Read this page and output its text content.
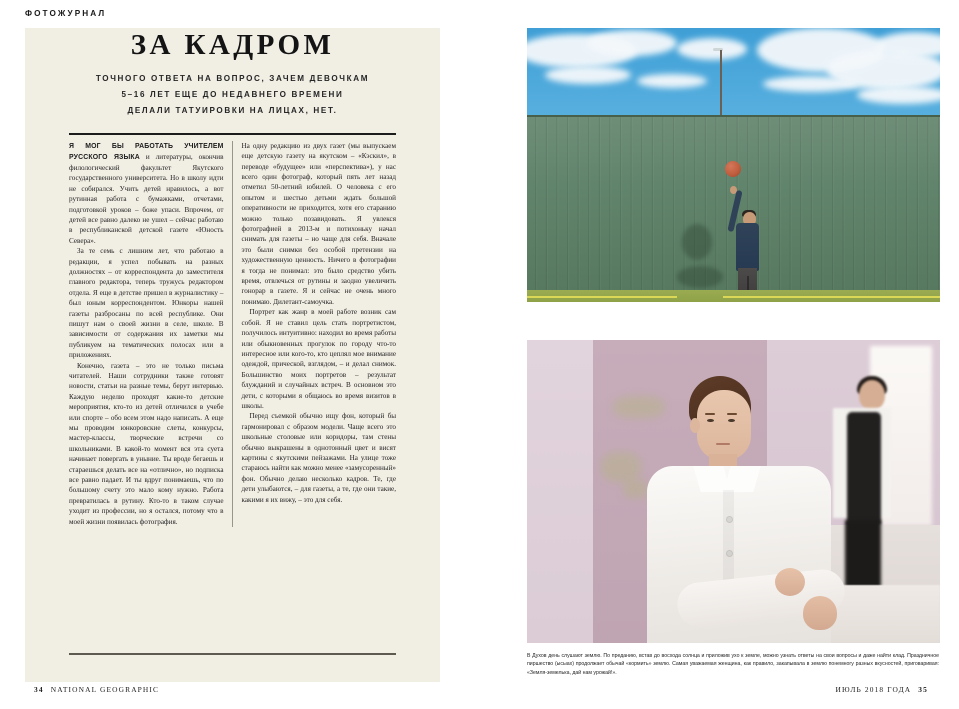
ФОТОЖУРНАЛ
ЗА КАДРОМ
ТОЧНОГО ОТВЕТА НА ВОПРОС, ЗАЧЕМ ДЕВОЧКАМ
5–16 ЛЕТ ЕЩЕ ДО НЕДАВНЕГО ВРЕМЕНИ
ДЕЛАЛИ ТАТУИРОВКИ НА ЛИЦАХ, НЕТ.

Я МОГ БЫ РАБОТАТЬ УЧИТЕЛЕМ РУССКОГО ЯЗЫКА и литературы, окончив филологический факультет Якутского государственного университета. Но в школу идти не собирался. Учить детей нравилось, а вот рутинная работа с бумажками, отчетами, подготовкой уроков – боже упаси. Впрочем, от детей все равно далеко не ушел – сейчас работаю в республиканской детской газете «Юность Севера».

За те семь с лишним лет, что работаю в редакции, я успел побывать на разных должностях – от корреспондента до заместителя главного редактора, теперь тружусь редактором отдела. Я еще в детстве пришел в журналистику – был юным корреспондентом. Юнкоры нашей газеты разбросаны по всей республике. Они пишут нам о своей жизни в селе, школе. В зависимости от содержания их заметки мы публикуем на тематических полосах или в приложениях.

Конечно, газета – это не только письма читателей. Наши сотрудники также готовят новости, статьи на разные темы, берут интервью. Каждую неделю проходят какие-то детские мероприятия, кто-то из детей отличился в учебе или спорте – обо всем этом надо написать. А еще мы проводим юнкоровские слеты, конкурсы, мастер-классы, творческие встречи со школьниками. В какой-то момент вся эта суета начинает повергать в уныние. Ты вроде бегаешь и стараешься делать все на «отлично», но подписка все равно падает. И ты вдруг понимаешь, что по большому счету это мало кому нужно. Работа превратилась в рутину. Кто-то в таком случае уходит из профессии, но я остался, потому что в моей жизни появилась фотография.

На одну редакцию из двух газет (мы выпускаем еще детскую газету на якутском – «Кэскил», в переводе «будущее» или «перспектива»), у нас всего один фотограф, который пять лет назад отметил 50-летний юбилей. О человека с его опытом и шестью детьми ждать большой оперативности не приходится, хотя его старанию можно только позавидовать. Я увлекся фотографией в 2013-м и потихоньку начал снимать для газеты – но чаще для себя. Вначале это были снимки без особой претензии на художественную ценность. Ничего в фотографии я тогда не понимал: это было средство убить время, отвлечься от рутины и заодно увеличить гонорар в газете. Я и сейчас не очень много понимаю. Дилетант-самоучка.

Портрет как жанр в моей работе возник сам собой. Я не ставил цель стать портретистом, получилось интуитивно: находил во время работы или обыкновенных прогулок по городу что-то интересное или кого-то, кто цеплял мое внимание одеждой, прической, взглядом, – и делал снимок. Большинство моих портретов – результат блужданий и случайных встреч. В основном это дети, с которыми я общаюсь во время визитов в школы.

Перед съемкой обычно ищу фон, который бы гармонировал с образом модели. Чаще всего это школьные столовые или коридоры, там стены обычно выкрашены в однотонный цвет и висят картины с якутскими пейзажами. На улице тоже стараюсь найти как можно менее «замусоренный» фон. Обычно делаю несколько кадров. Те, где дети улыбаются, – для газеты, а те, где они такие, какими я их вижу, – это для себя.

34 NATIONAL GEOGRAPHIC
В Духов день слушают землю. По преданию, встав до восхода солнца и приложив ухо к земле, можно узнать ответы на свои вопросы и даже найти клад. Праздничное пиршество (ысыах) продолжает обычай «кормить» землю. Самая уважаемая женщина, как правило, закапывала в землю понемногу разных вкусностей, приговаривая: «Земля-земелька, дай нам урожай!».
ИЮЛЬ 2018 ГОДА 35
